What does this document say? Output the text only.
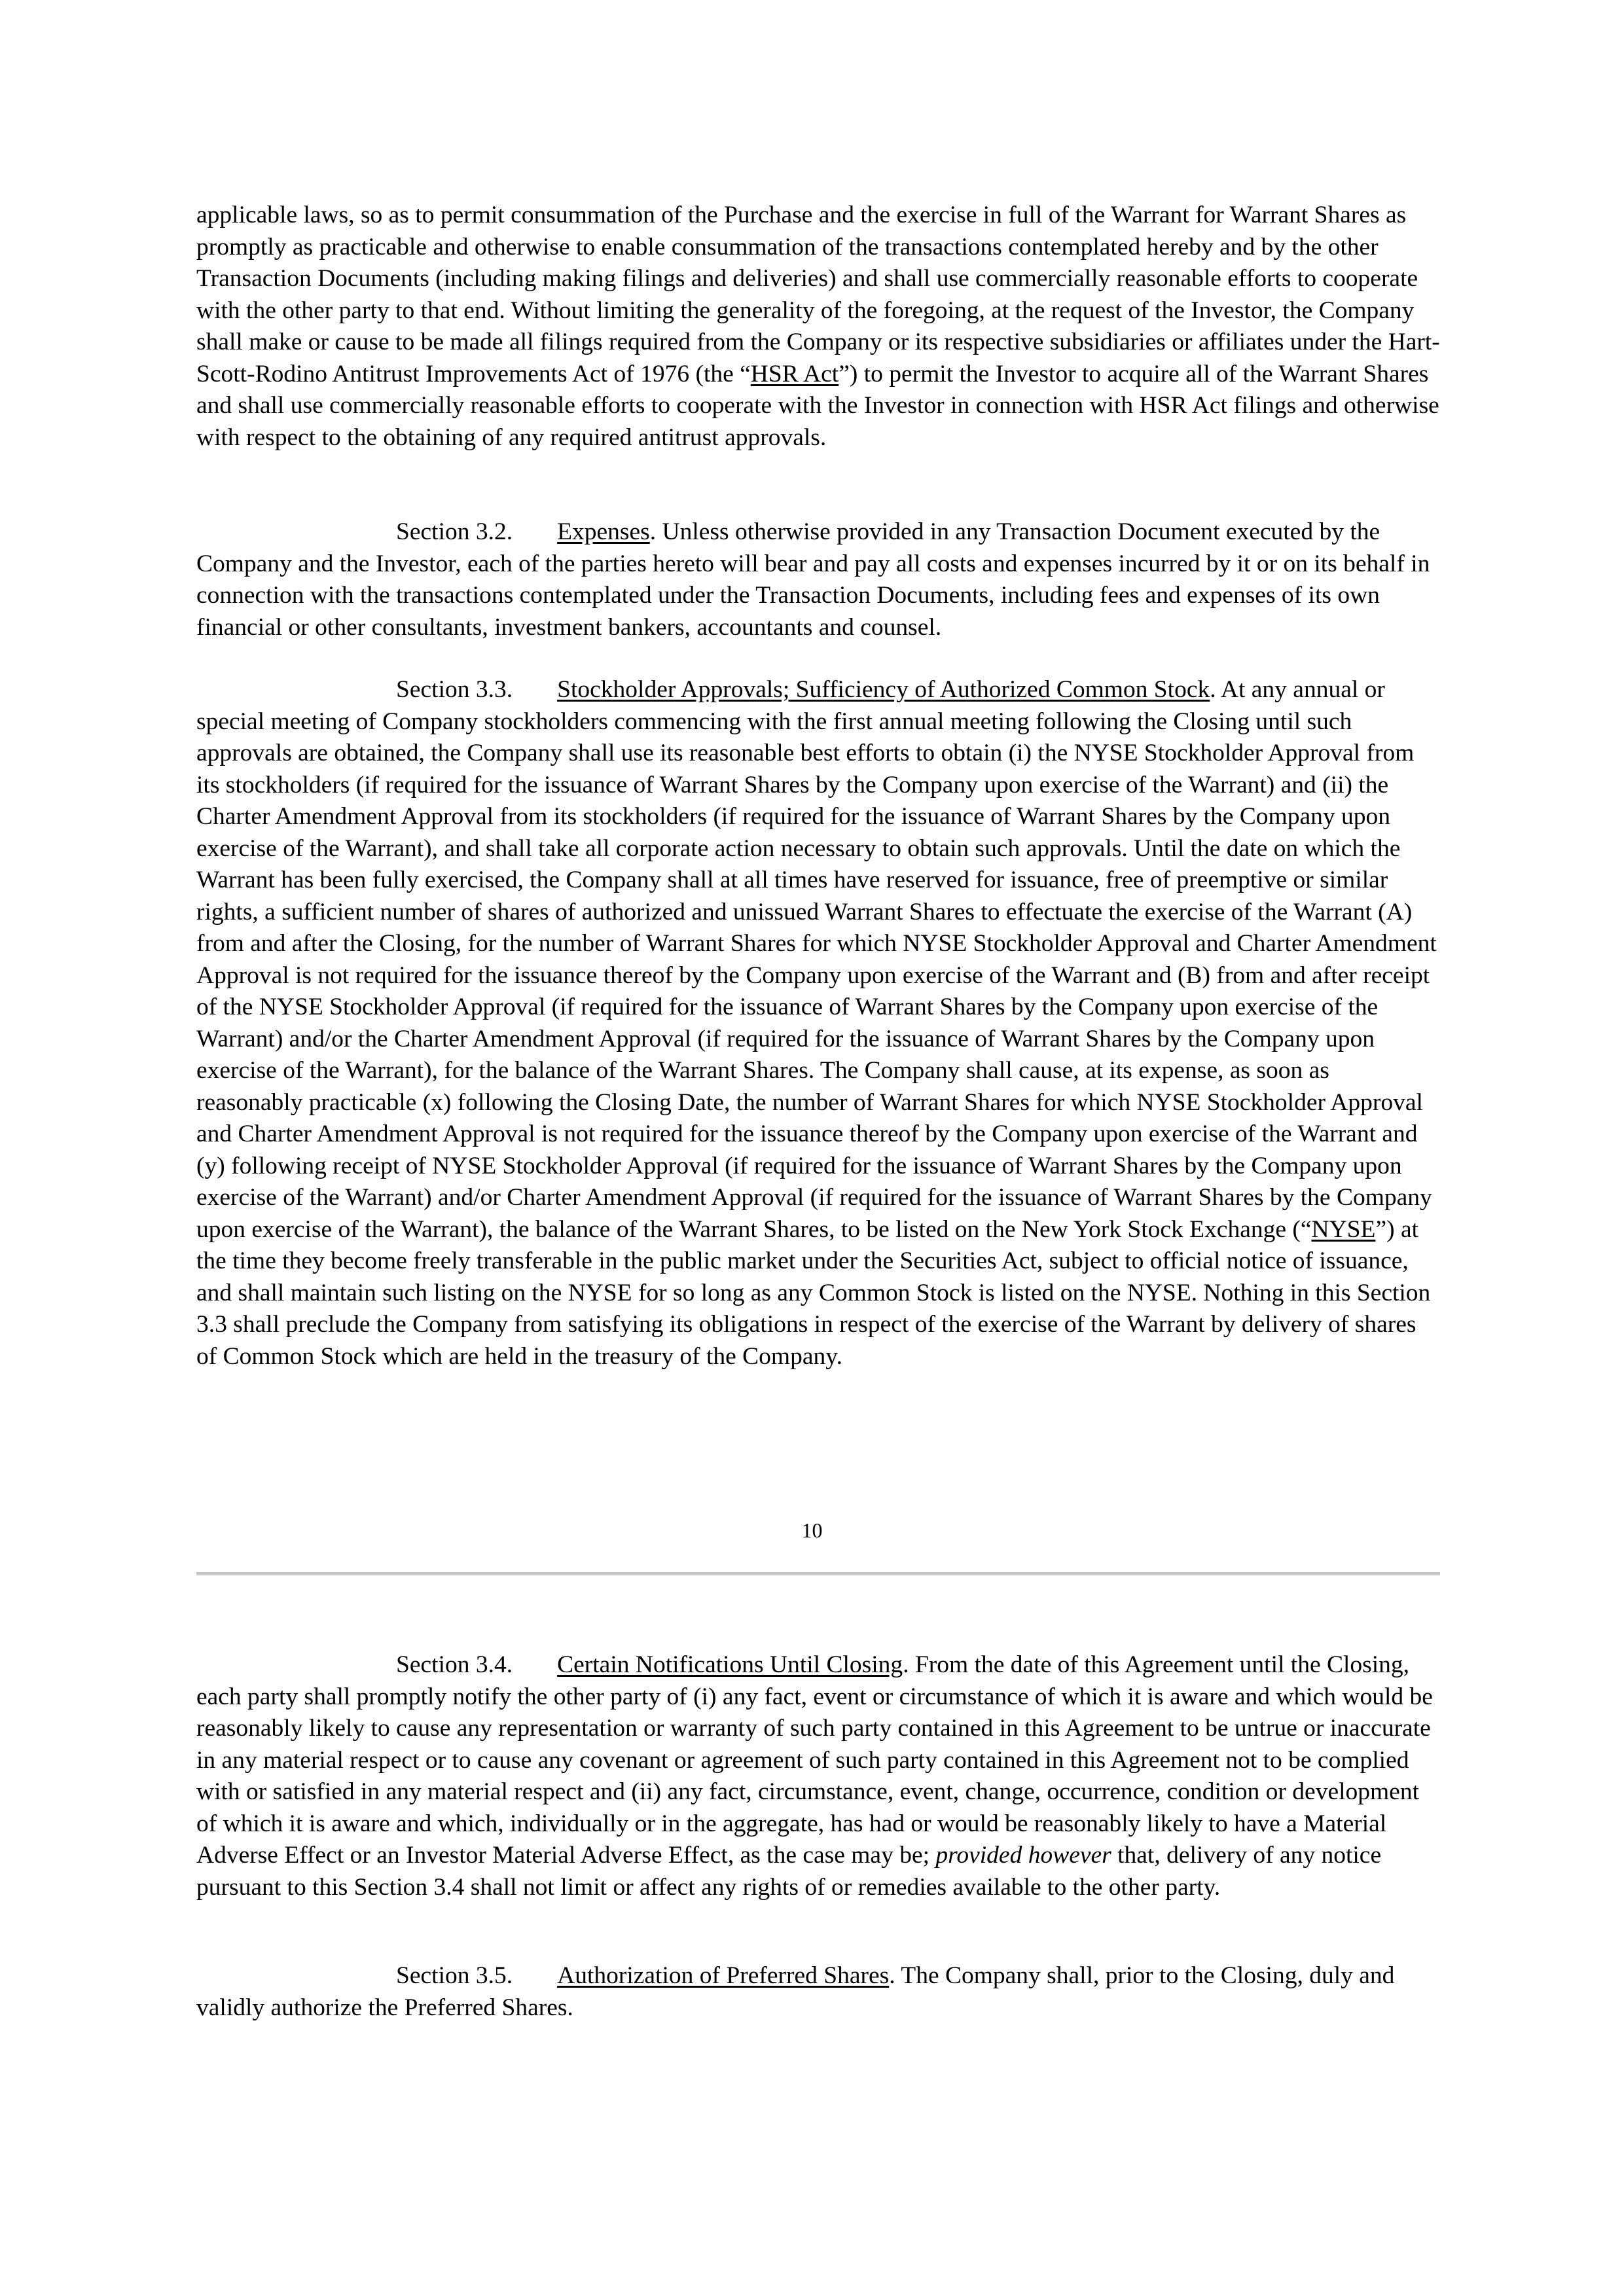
applicable laws, so as to permit consummation of the Purchase and the exercise in full of the Warrant for Warrant Shares as promptly as practicable and otherwise to enable consummation of the transactions contemplated hereby and by the other Transaction Documents (including making filings and deliveries) and shall use commercially reasonable efforts to cooperate with the other party to that end. Without limiting the generality of the foregoing, at the request of the Investor, the Company shall make or cause to be made all filings required from the Company or its respective subsidiaries or affiliates under the Hart-Scott-Rodino Antitrust Improvements Act of 1976 (the “HSR Act”) to permit the Investor to acquire all of the Warrant Shares and shall use commercially reasonable efforts to cooperate with the Investor in connection with HSR Act filings and otherwise with respect to the obtaining of any required antitrust approvals.

Section 3.2. Expenses. Unless otherwise provided in any Transaction Document executed by the Company and the Investor, each of the parties hereto will bear and pay all costs and expenses incurred by it or on its behalf in connection with the transactions contemplated under the Transaction Documents, including fees and expenses of its own financial or other consultants, investment bankers, accountants and counsel.

Section 3.3. Stockholder Approvals; Sufficiency of Authorized Common Stock. At any annual or special meeting of Company stockholders commencing with the first annual meeting following the Closing until such approvals are obtained, the Company shall use its reasonable best efforts to obtain (i) the NYSE Stockholder Approval from its stockholders (if required for the issuance of Warrant Shares by the Company upon exercise of the Warrant) and (ii) the Charter Amendment Approval from its stockholders (if required for the issuance of Warrant Shares by the Company upon exercise of the Warrant), and shall take all corporate action necessary to obtain such approvals. Until the date on which the Warrant has been fully exercised, the Company shall at all times have reserved for issuance, free of preemptive or similar rights, a sufficient number of shares of authorized and unissued Warrant Shares to effectuate the exercise of the Warrant (A) from and after the Closing, for the number of Warrant Shares for which NYSE Stockholder Approval and Charter Amendment Approval is not required for the issuance thereof by the Company upon exercise of the Warrant and (B) from and after receipt of the NYSE Stockholder Approval (if required for the issuance of Warrant Shares by the Company upon exercise of the Warrant) and/or the Charter Amendment Approval (if required for the issuance of Warrant Shares by the Company upon exercise of the Warrant), for the balance of the Warrant Shares. The Company shall cause, at its expense, as soon as reasonably practicable (x) following the Closing Date, the number of Warrant Shares for which NYSE Stockholder Approval and Charter Amendment Approval is not required for the issuance thereof by the Company upon exercise of the Warrant and (y) following receipt of NYSE Stockholder Approval (if required for the issuance of Warrant Shares by the Company upon exercise of the Warrant) and/or Charter Amendment Approval (if required for the issuance of Warrant Shares by the Company upon exercise of the Warrant), the balance of the Warrant Shares, to be listed on the New York Stock Exchange (“NYSE”) at the time they become freely transferable in the public market under the Securities Act, subject to official notice of issuance, and shall maintain such listing on the NYSE for so long as any Common Stock is listed on the NYSE. Nothing in this Section 3.3 shall preclude the Company from satisfying its obligations in respect of the exercise of the Warrant by delivery of shares of Common Stock which are held in the treasury of the Company.

10

Section 3.4. Certain Notifications Until Closing. From the date of this Agreement until the Closing, each party shall promptly notify the other party of (i) any fact, event or circumstance of which it is aware and which would be reasonably likely to cause any representation or warranty of such party contained in this Agreement to be untrue or inaccurate in any material respect or to cause any covenant or agreement of such party contained in this Agreement not to be complied with or satisfied in any material respect and (ii) any fact, circumstance, event, change, occurrence, condition or development of which it is aware and which, individually or in the aggregate, has had or would be reasonably likely to have a Material Adverse Effect or an Investor Material Adverse Effect, as the case may be; provided however that, delivery of any notice pursuant to this Section 3.4 shall not limit or affect any rights of or remedies available to the other party.

Section 3.5. Authorization of Preferred Shares. The Company shall, prior to the Closing, duly and validly authorize the Preferred Shares.
